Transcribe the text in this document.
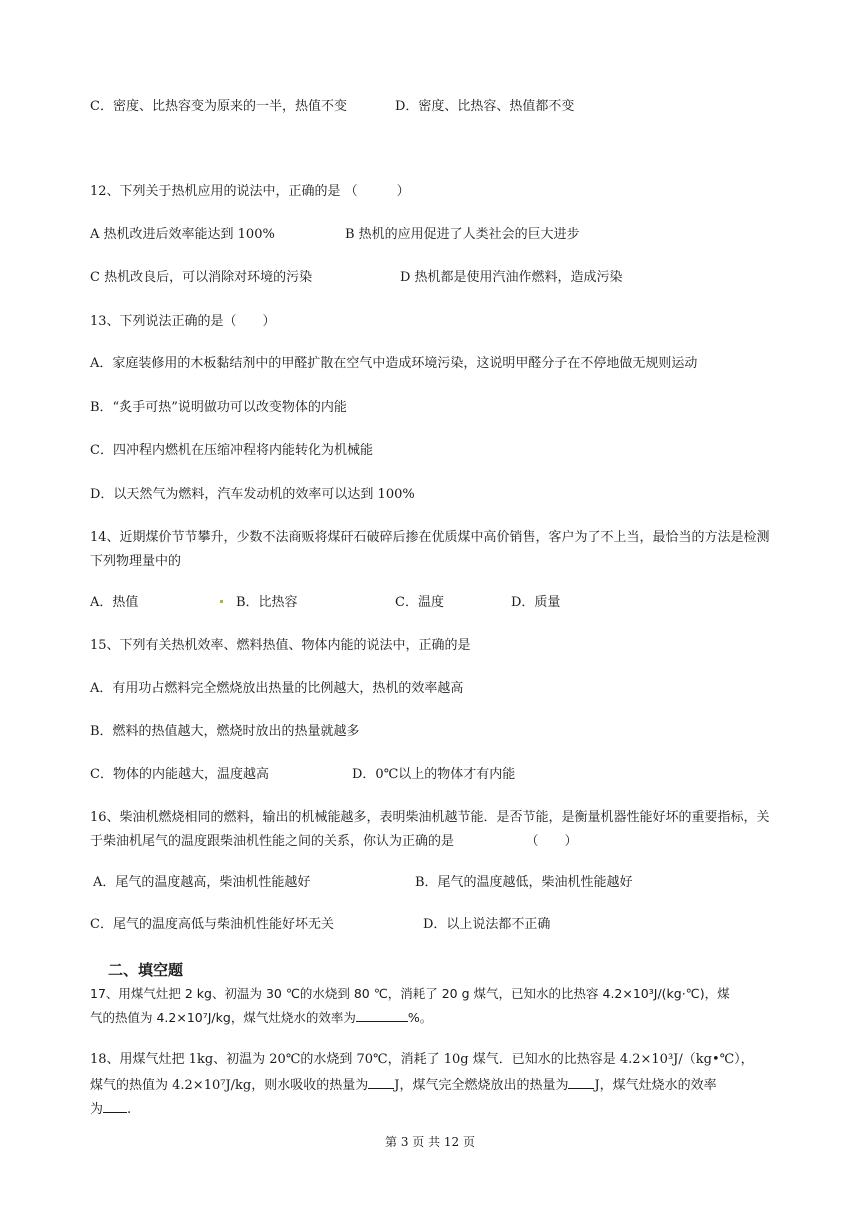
C．密度、比热容变为原来的一半，热值不变	D．密度、比热容、热值都不变
12、下列关于热机应用的说法中，正确的是 （　　　）
A 热机改进后效率能达到 100%	B 热机的应用促进了人类社会的巨大进步
C 热机改良后，可以消除对环境的污染	D 热机都是使用汽油作燃料，造成污染
13、下列说法正确的是（　　）
A．家庭装修用的木板黏结剂中的甲醛扩散在空气中造成环境污染，这说明甲醛分子在不停地做无规则运动
B．“炙手可热”说明做功可以改变物体的内能
C．四冲程内燃机在压缩冲程将内能转化为机械能
D．以天然气为燃料，汽车发动机的效率可以达到 100%
14、近期煤价节节攀升，少数不法商贩将煤矸石破碎后掺在优质煤中高价销售，客户为了不上当，最恰当的方法是检测下列物理量中的
A．热值	B．比热容	C．温度	D．质量
15、下列有关热机效率、燃料热值、物体内能的说法中，正确的是
A．有用功占燃料完全燃烧放出热量的比例越大，热机的效率越高
B．燃料的热值越大，燃烧时放出的热量就越多
C．物体的内能越大，温度越高	D．0℃以上的物体才有内能
16、柴油机燃烧相同的燃料，输出的机械能越多，表明柴油机越节能．是否节能，是衡量机器性能好坏的重要指标，关于柴油机尾气的温度跟柴油机性能之间的关系，你认为正确的是　　　　　　（　　）
A．尾气的温度越高，柴油机性能越好	B．尾气的温度越低，柴油机性能越好
C．尾气的温度高低与柴油机性能好坏无关	D．以上说法都不正确
二、填空题
17、用煤气灶把 2 kg、初温为 30 ℃的水烧到 80 ℃，消耗了 20 g 煤气，已知水的比热容 4.2×10³J/(kg·℃)，煤
气的热值为 4.2×10⁷J/kg，煤气灶烧水的效率为	%。
18、用煤气灶把 1kg、初温为 20℃的水烧到 70℃，消耗了 10g 煤气．已知水的比热容是 4.2×10³J/（kg•℃），
煤气的热值为 4.2×10⁷J/kg，则水吸收的热量为 J，煤气完全燃烧放出的热量为 J，煤气灶烧水的效率
为 .
第 3 页 共 12 页
